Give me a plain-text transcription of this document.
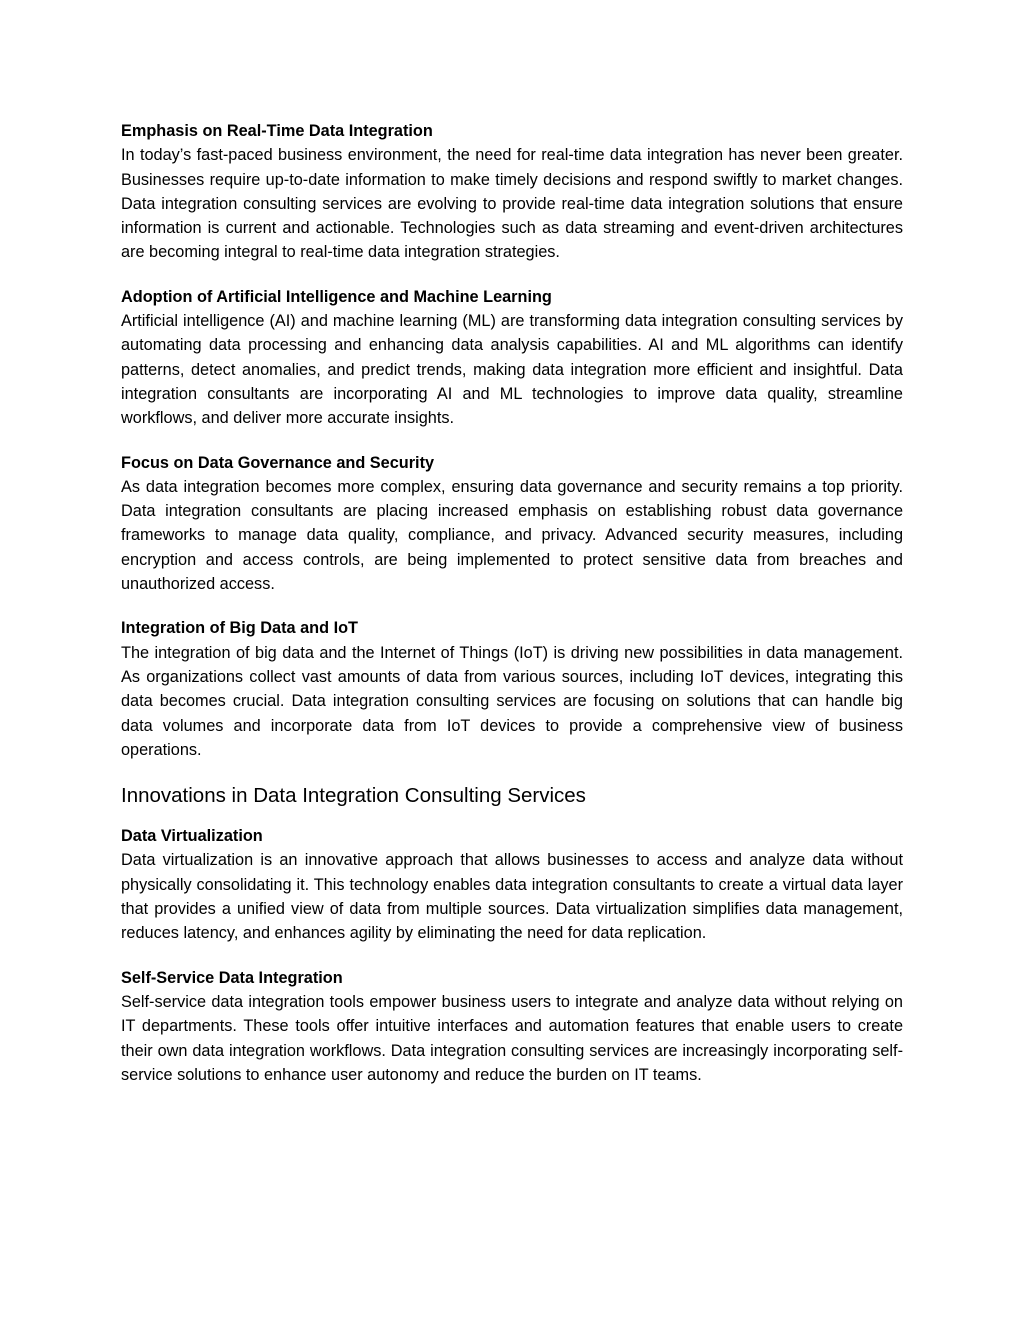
Emphasis on Real-Time Data Integration

In today’s fast-paced business environment, the need for real-time data integration has never been greater. Businesses require up-to-date information to make timely decisions and respond swiftly to market changes. Data integration consulting services are evolving to provide real-time data integration solutions that ensure information is current and actionable. Technologies such as data streaming and event-driven architectures are becoming integral to real-time data integration strategies.

Adoption of Artificial Intelligence and Machine Learning

Artificial intelligence (AI) and machine learning (ML) are transforming data integration consulting services by automating data processing and enhancing data analysis capabilities. AI and ML algorithms can identify patterns, detect anomalies, and predict trends, making data integration more efficient and insightful. Data integration consultants are incorporating AI and ML technologies to improve data quality, streamline workflows, and deliver more accurate insights.

Focus on Data Governance and Security

As data integration becomes more complex, ensuring data governance and security remains a top priority. Data integration consultants are placing increased emphasis on establishing robust data governance frameworks to manage data quality, compliance, and privacy. Advanced security measures, including encryption and access controls, are being implemented to protect sensitive data from breaches and unauthorized access.

Integration of Big Data and IoT

The integration of big data and the Internet of Things (IoT) is driving new possibilities in data management. As organizations collect vast amounts of data from various sources, including IoT devices, integrating this data becomes crucial. Data integration consulting services are focusing on solutions that can handle big data volumes and incorporate data from IoT devices to provide a comprehensive view of business operations.

Innovations in Data Integration Consulting Services

Data Virtualization

Data virtualization is an innovative approach that allows businesses to access and analyze data without physically consolidating it. This technology enables data integration consultants to create a virtual data layer that provides a unified view of data from multiple sources. Data virtualization simplifies data management, reduces latency, and enhances agility by eliminating the need for data replication.

Self-Service Data Integration

Self-service data integration tools empower business users to integrate and analyze data without relying on IT departments. These tools offer intuitive interfaces and automation features that enable users to create their own data integration workflows. Data integration consulting services are increasingly incorporating self-service solutions to enhance user autonomy and reduce the burden on IT teams.
